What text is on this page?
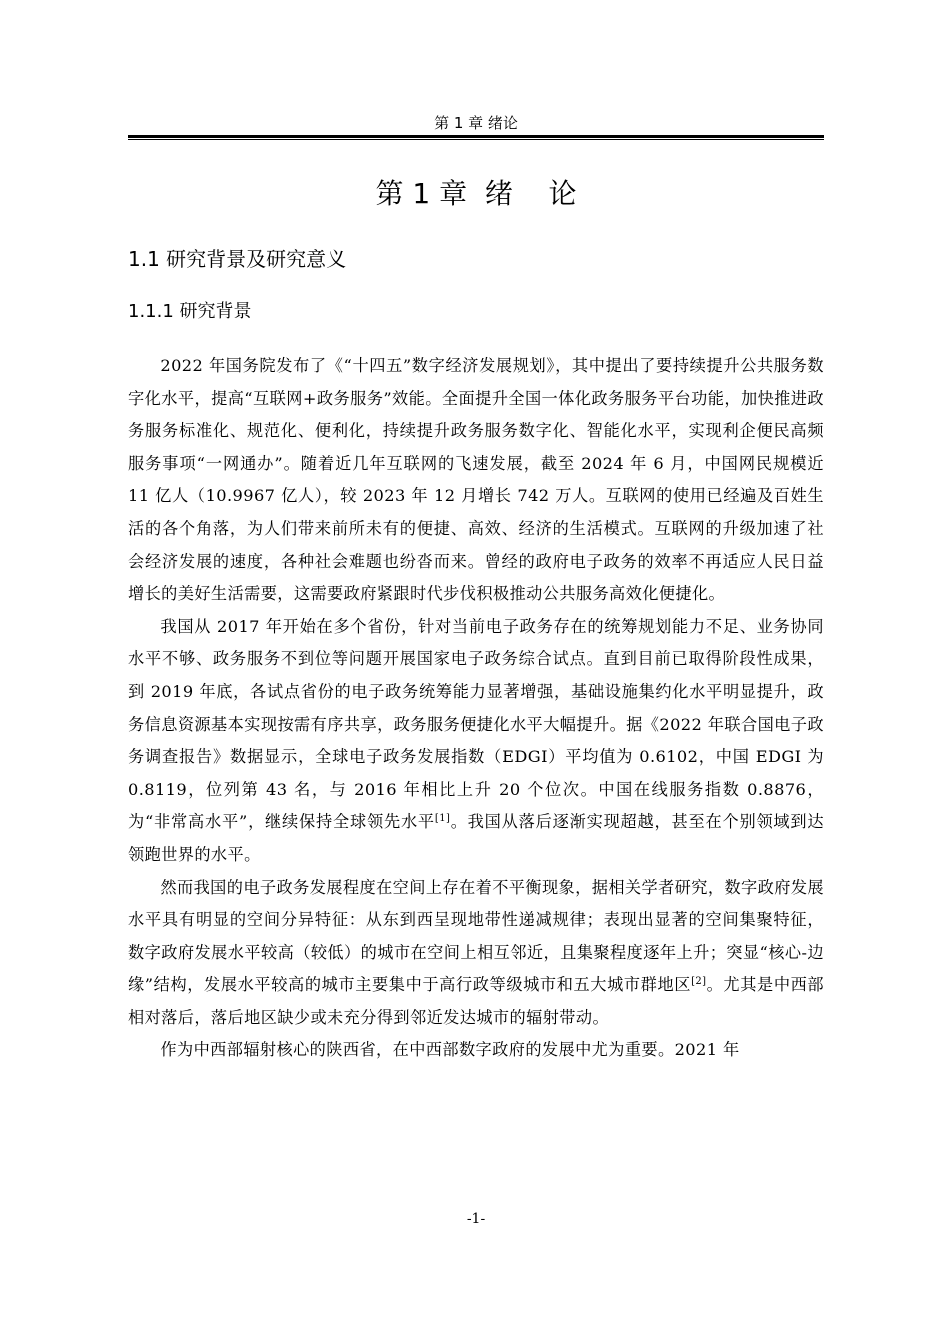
第 1 章 绪论
第 1 章  绪    论
1.1 研究背景及研究意义
1.1.1 研究背景

2022 年国务院发布了《“十四五”数字经济发展规划》，其中提出了要持续提升公共服务数字化水平，提高“互联网+政务服务”效能。全面提升全国一体化政务服务平台功能，加快推进政务服务标准化、规范化、便利化，持续提升政务服务数字化、智能化水平，实现利企便民高频服务事项“一网通办”。随着近几年互联网的飞速发展，截至 2024 年 6 月，中国网民规模近 11 亿人（10.9967 亿人），较 2023 年 12 月增长 742 万人。互联网的使用已经遍及百姓生活的各个角落，为人们带来前所未有的便捷、高效、经济的生活模式。互联网的升级加速了社会经济发展的速度，各种社会难题也纷沓而来。曾经的政府电子政务的效率不再适应人民日益增长的美好生活需要，这需要政府紧跟时代步伐积极推动公共服务高效化便捷化。

我国从 2017 年开始在多个省份，针对当前电子政务存在的统筹规划能力不足、业务协同水平不够、政务服务不到位等问题开展国家电子政务综合试点。直到目前已取得阶段性成果，到 2019 年底，各试点省份的电子政务统筹能力显著增强，基础设施集约化水平明显提升，政务信息资源基本实现按需有序共享，政务服务便捷化水平大幅提升。据《2022 年联合国电子政务调查报告》数据显示，全球电子政务发展指数（EDGI）平均值为 0.6102，中国 EDGI 为 0.8119，位列第 43 名，与 2016 年相比上升 20 个位次。中国在线服务指数 0.8876，为“非常高水平”，继续保持全球领先水平[1]。我国从落后逐渐实现超越，甚至在个别领域到达领跑世界的水平。

然而我国的电子政务发展程度在空间上存在着不平衡现象，据相关学者研究，数字政府发展水平具有明显的空间分异特征：从东到西呈现地带性递减规律；表现出显著的空间集聚特征，数字政府发展水平较高（较低）的城市在空间上相互邻近，且集聚程度逐年上升；突显“核心-边缘”结构，发展水平较高的城市主要集中于高行政等级城市和五大城市群地区[2]。尤其是中西部相对落后，落后地区缺少或未充分得到邻近发达城市的辐射带动。

作为中西部辐射核心的陕西省，在中西部数字政府的发展中尤为重要。2021 年

-1-
